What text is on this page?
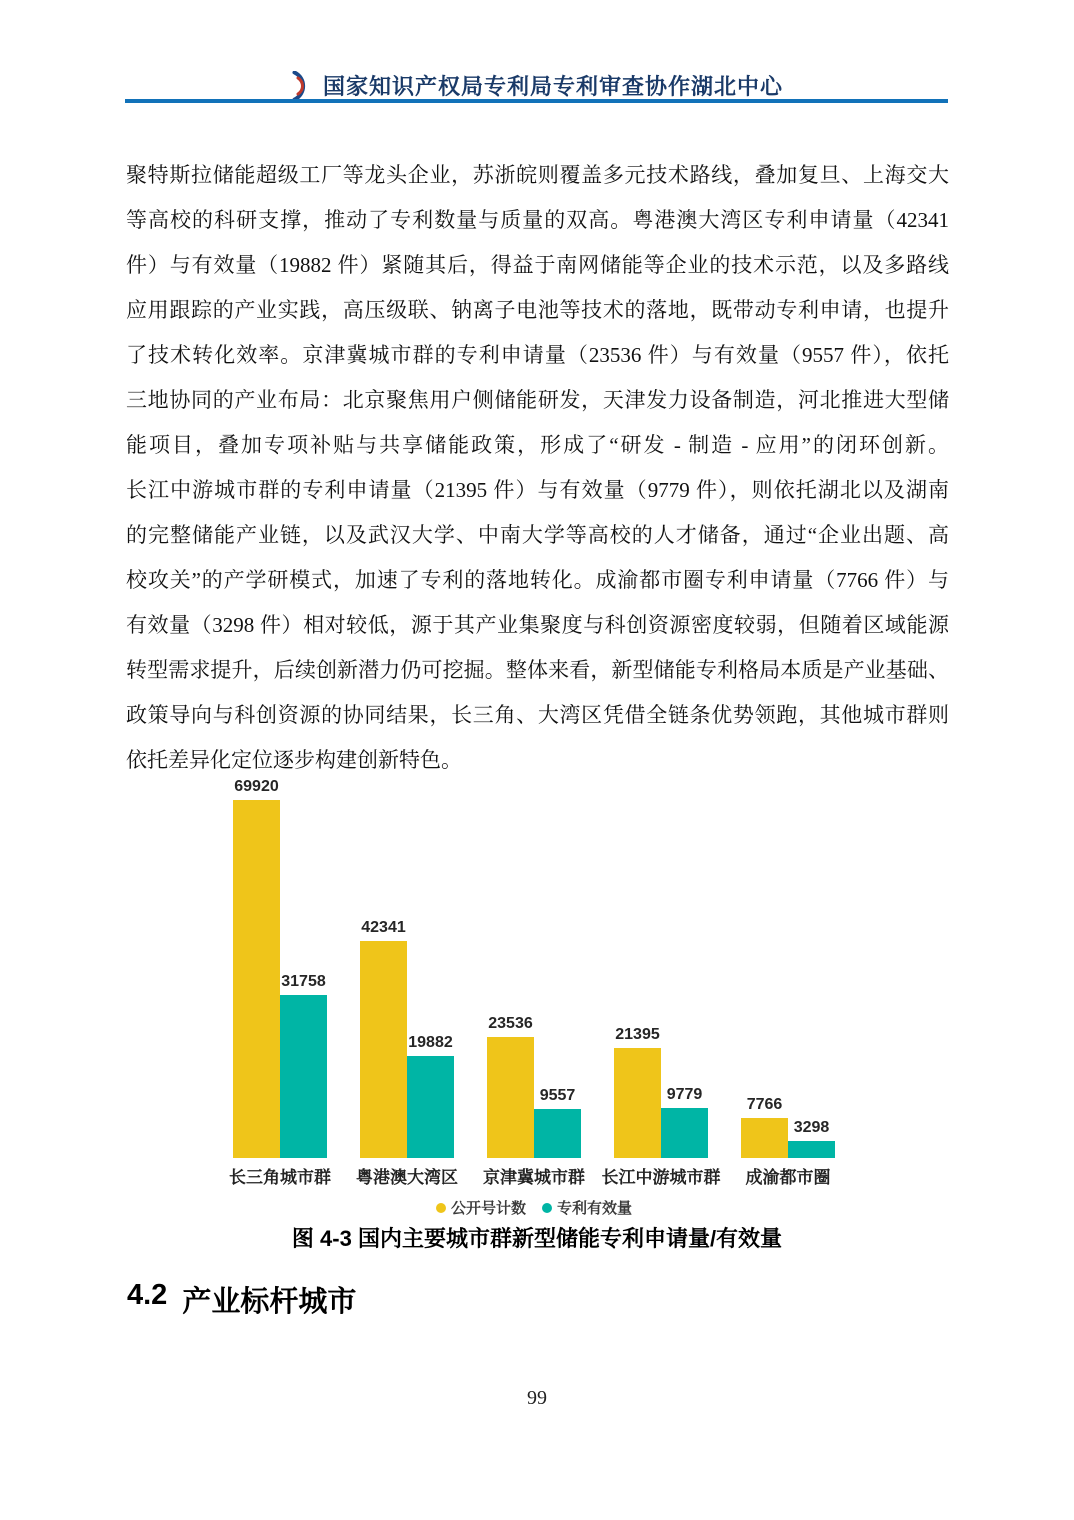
国家知识产权局专利局专利审查协作湖北中心
聚特斯拉储能超级工厂等龙头企业，苏浙皖则覆盖多元技术路线，叠加复旦、上海交大
等高校的科研支撑，推动了专利数量与质量的双高。粤港澳大湾区专利申请量（42341
件）与有效量（19882 件）紧随其后，得益于南网储能等企业的技术示范，以及多路线
应用跟踪的产业实践，高压级联、钠离子电池等技术的落地，既带动专利申请，也提升
了技术转化效率。京津冀城市群的专利申请量（23536 件）与有效量（9557 件），依托
三地协同的产业布局：北京聚焦用户侧储能研发，天津发力设备制造，河北推进大型储
能项目，叠加专项补贴与共享储能政策，形成了“研发 - 制造 - 应用”的闭环创新。
长江中游城市群的专利申请量（21395 件）与有效量（9779 件），则依托湖北以及湖南
的完整储能产业链，以及武汉大学、中南大学等高校的人才储备，通过“企业出题、高
校攻关”的产学研模式，加速了专利的落地转化。成渝都市圈专利申请量（7766 件）与
有效量（3298 件）相对较低，源于其产业集聚度与科创资源密度较弱，但随着区域能源
转型需求提升，后续创新潜力仍可挖掘。整体来看，新型储能专利格局本质是产业基础、
政策导向与科创资源的协同结果，长三角、大湾区凭借全链条优势领跑，其他城市群则
依托差异化定位逐步构建创新特色。
69920
31758
42341
19882
23536
9557
21395
9779
7766
3298
长三角城市群 粤港澳大湾区 京津冀城市群 长江中游城市群 成渝都市圈
公开号计数 专利有效量
图 4-3 国内主要城市群新型储能专利申请量/有效量
4.2 产业标杆城市
99
